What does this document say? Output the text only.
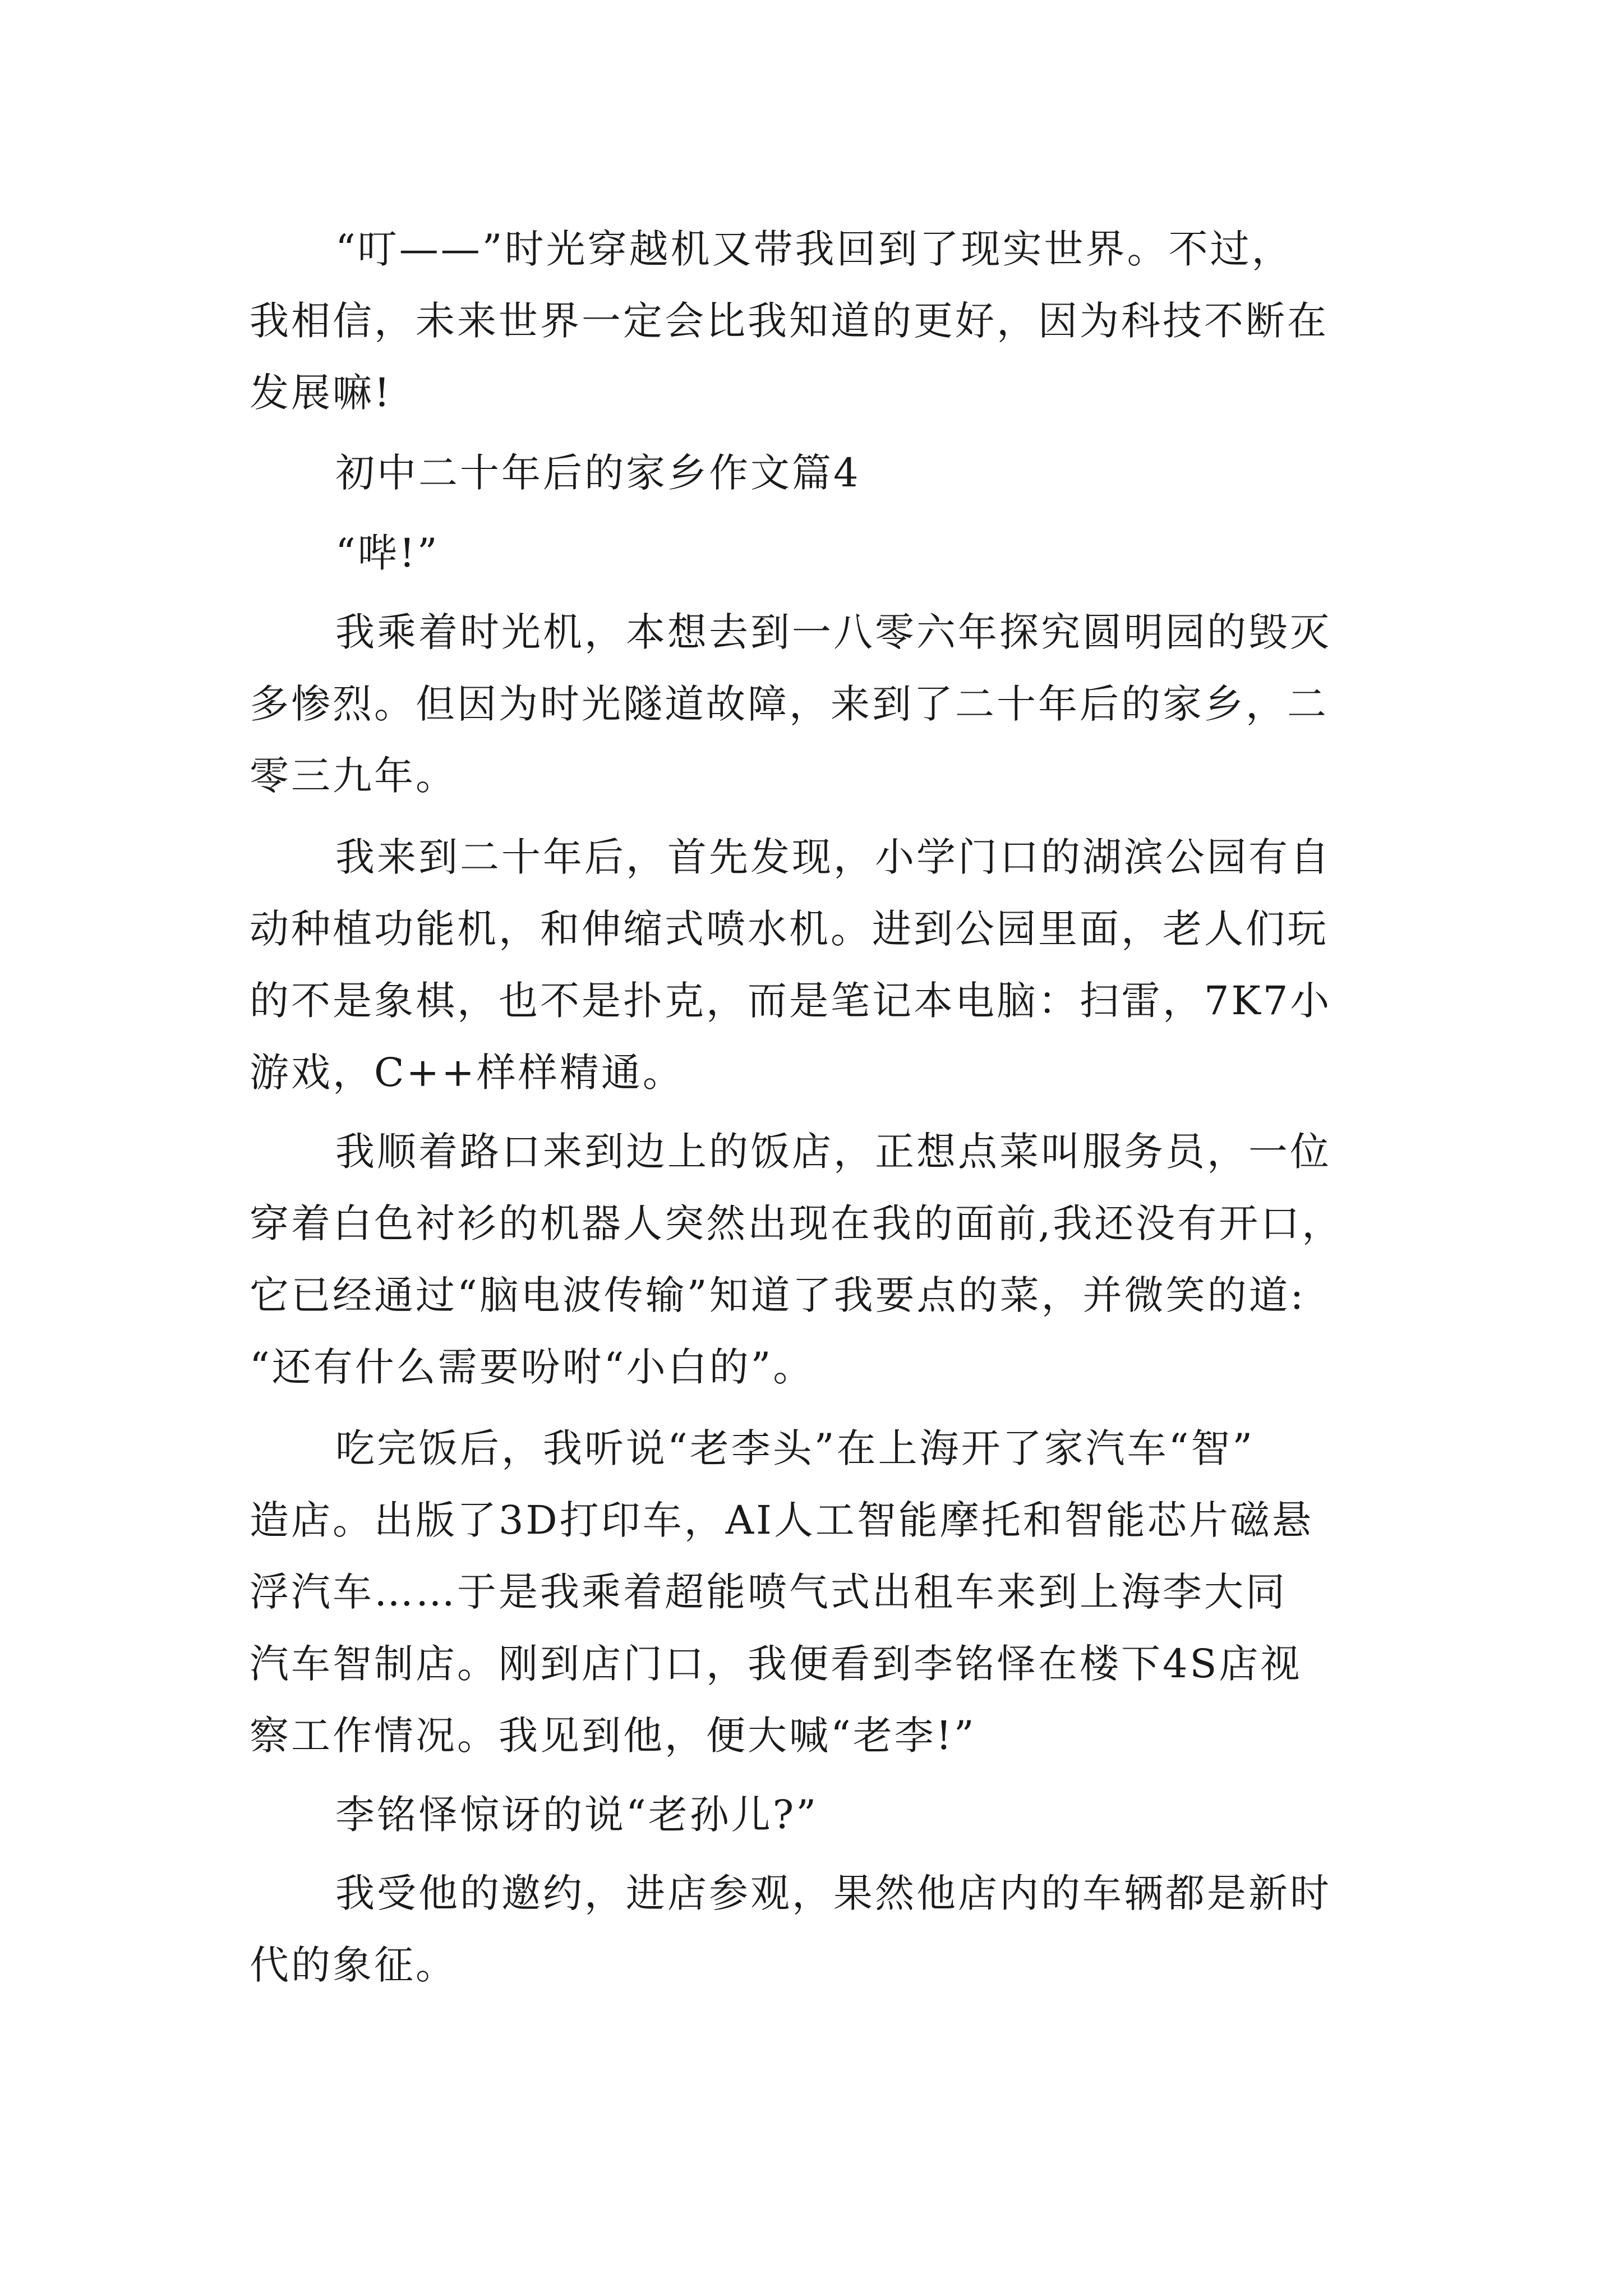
“叮——”时光穿越机又带我回到了现实世界。不过，
我相信，未来世界一定会比我知道的更好，因为科技不断在
发展嘛!
初中二十年后的家乡作文篇4
“哔!”
我乘着时光机，本想去到一八零六年探究圆明园的毁灭
多惨烈。但因为时光隧道故障，来到了二十年后的家乡，二
零三九年。
我来到二十年后，首先发现，小学门口的湖滨公园有自
动种植功能机，和伸缩式喷水机。进到公园里面，老人们玩
的不是象棋，也不是扑克，而是笔记本电脑：扫雷，7K7小
游戏，C++样样精通。
我顺着路口来到边上的饭店，正想点菜叫服务员，一位
穿着白色衬衫的机器人突然出现在我的面前,我还没有开口，
它已经通过“脑电波传输”知道了我要点的菜，并微笑的道:
“还有什么需要吩咐“小白的”。
吃完饭后，我听说“老李头”在上海开了家汽车“智”
造店。出版了3D打印车，AI人工智能摩托和智能芯片磁悬
浮汽车……于是我乘着超能喷气式出租车来到上海李大同
汽车智制店。刚到店门口，我便看到李铭怿在楼下4S店视
察工作情况。我见到他，便大喊“老李!”
李铭怿惊讶的说“老孙儿?”
我受他的邀约，进店参观，果然他店内的车辆都是新时
代的象征。
